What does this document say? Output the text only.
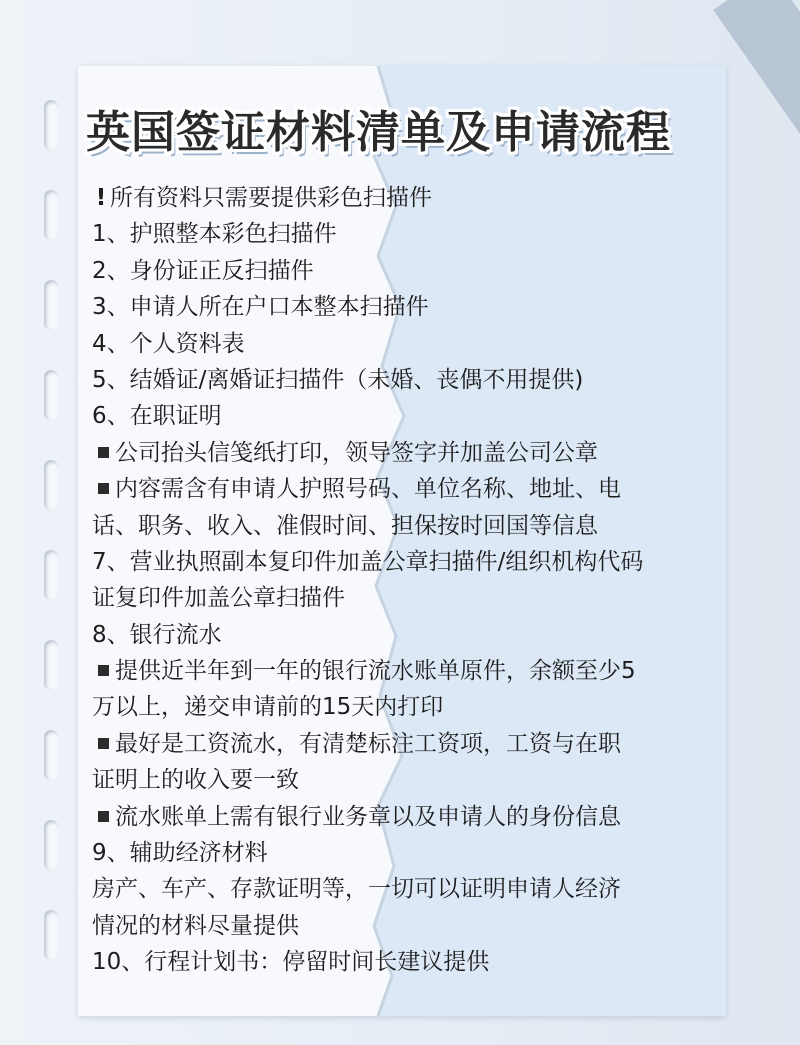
英国签证材料清单及申请流程
! 所有资料只需要提供彩色扫描件
1、护照整本彩色扫描件
2、身份证正反扫描件
3、申请人所在户口本整本扫描件
4、个人资料表
5、结婚证/离婚证扫描件（未婚、丧偶不用提供)
6、在职证明
公司抬头信笺纸打印，领导签字并加盖公司公章
内容需含有申请人护照号码、单位名称、地址、电
话、职务、收入、准假时间、担保按时回国等信息
7、营业执照副本复印件加盖公章扫描件/组织机构代码
证复印件加盖公章扫描件
8、银行流水
提供近半年到一年的银行流水账单原件，余额至少5
万以上，递交申请前的15天内打印
最好是工资流水，有清楚标注工资项，工资与在职
证明上的收入要一致
流水账单上需有银行业务章以及申请人的身份信息
9、辅助经济材料
房产、车产、存款证明等，一切可以证明申请人经济
情况的材料尽量提供
10、行程计划书：停留时间长建议提供
